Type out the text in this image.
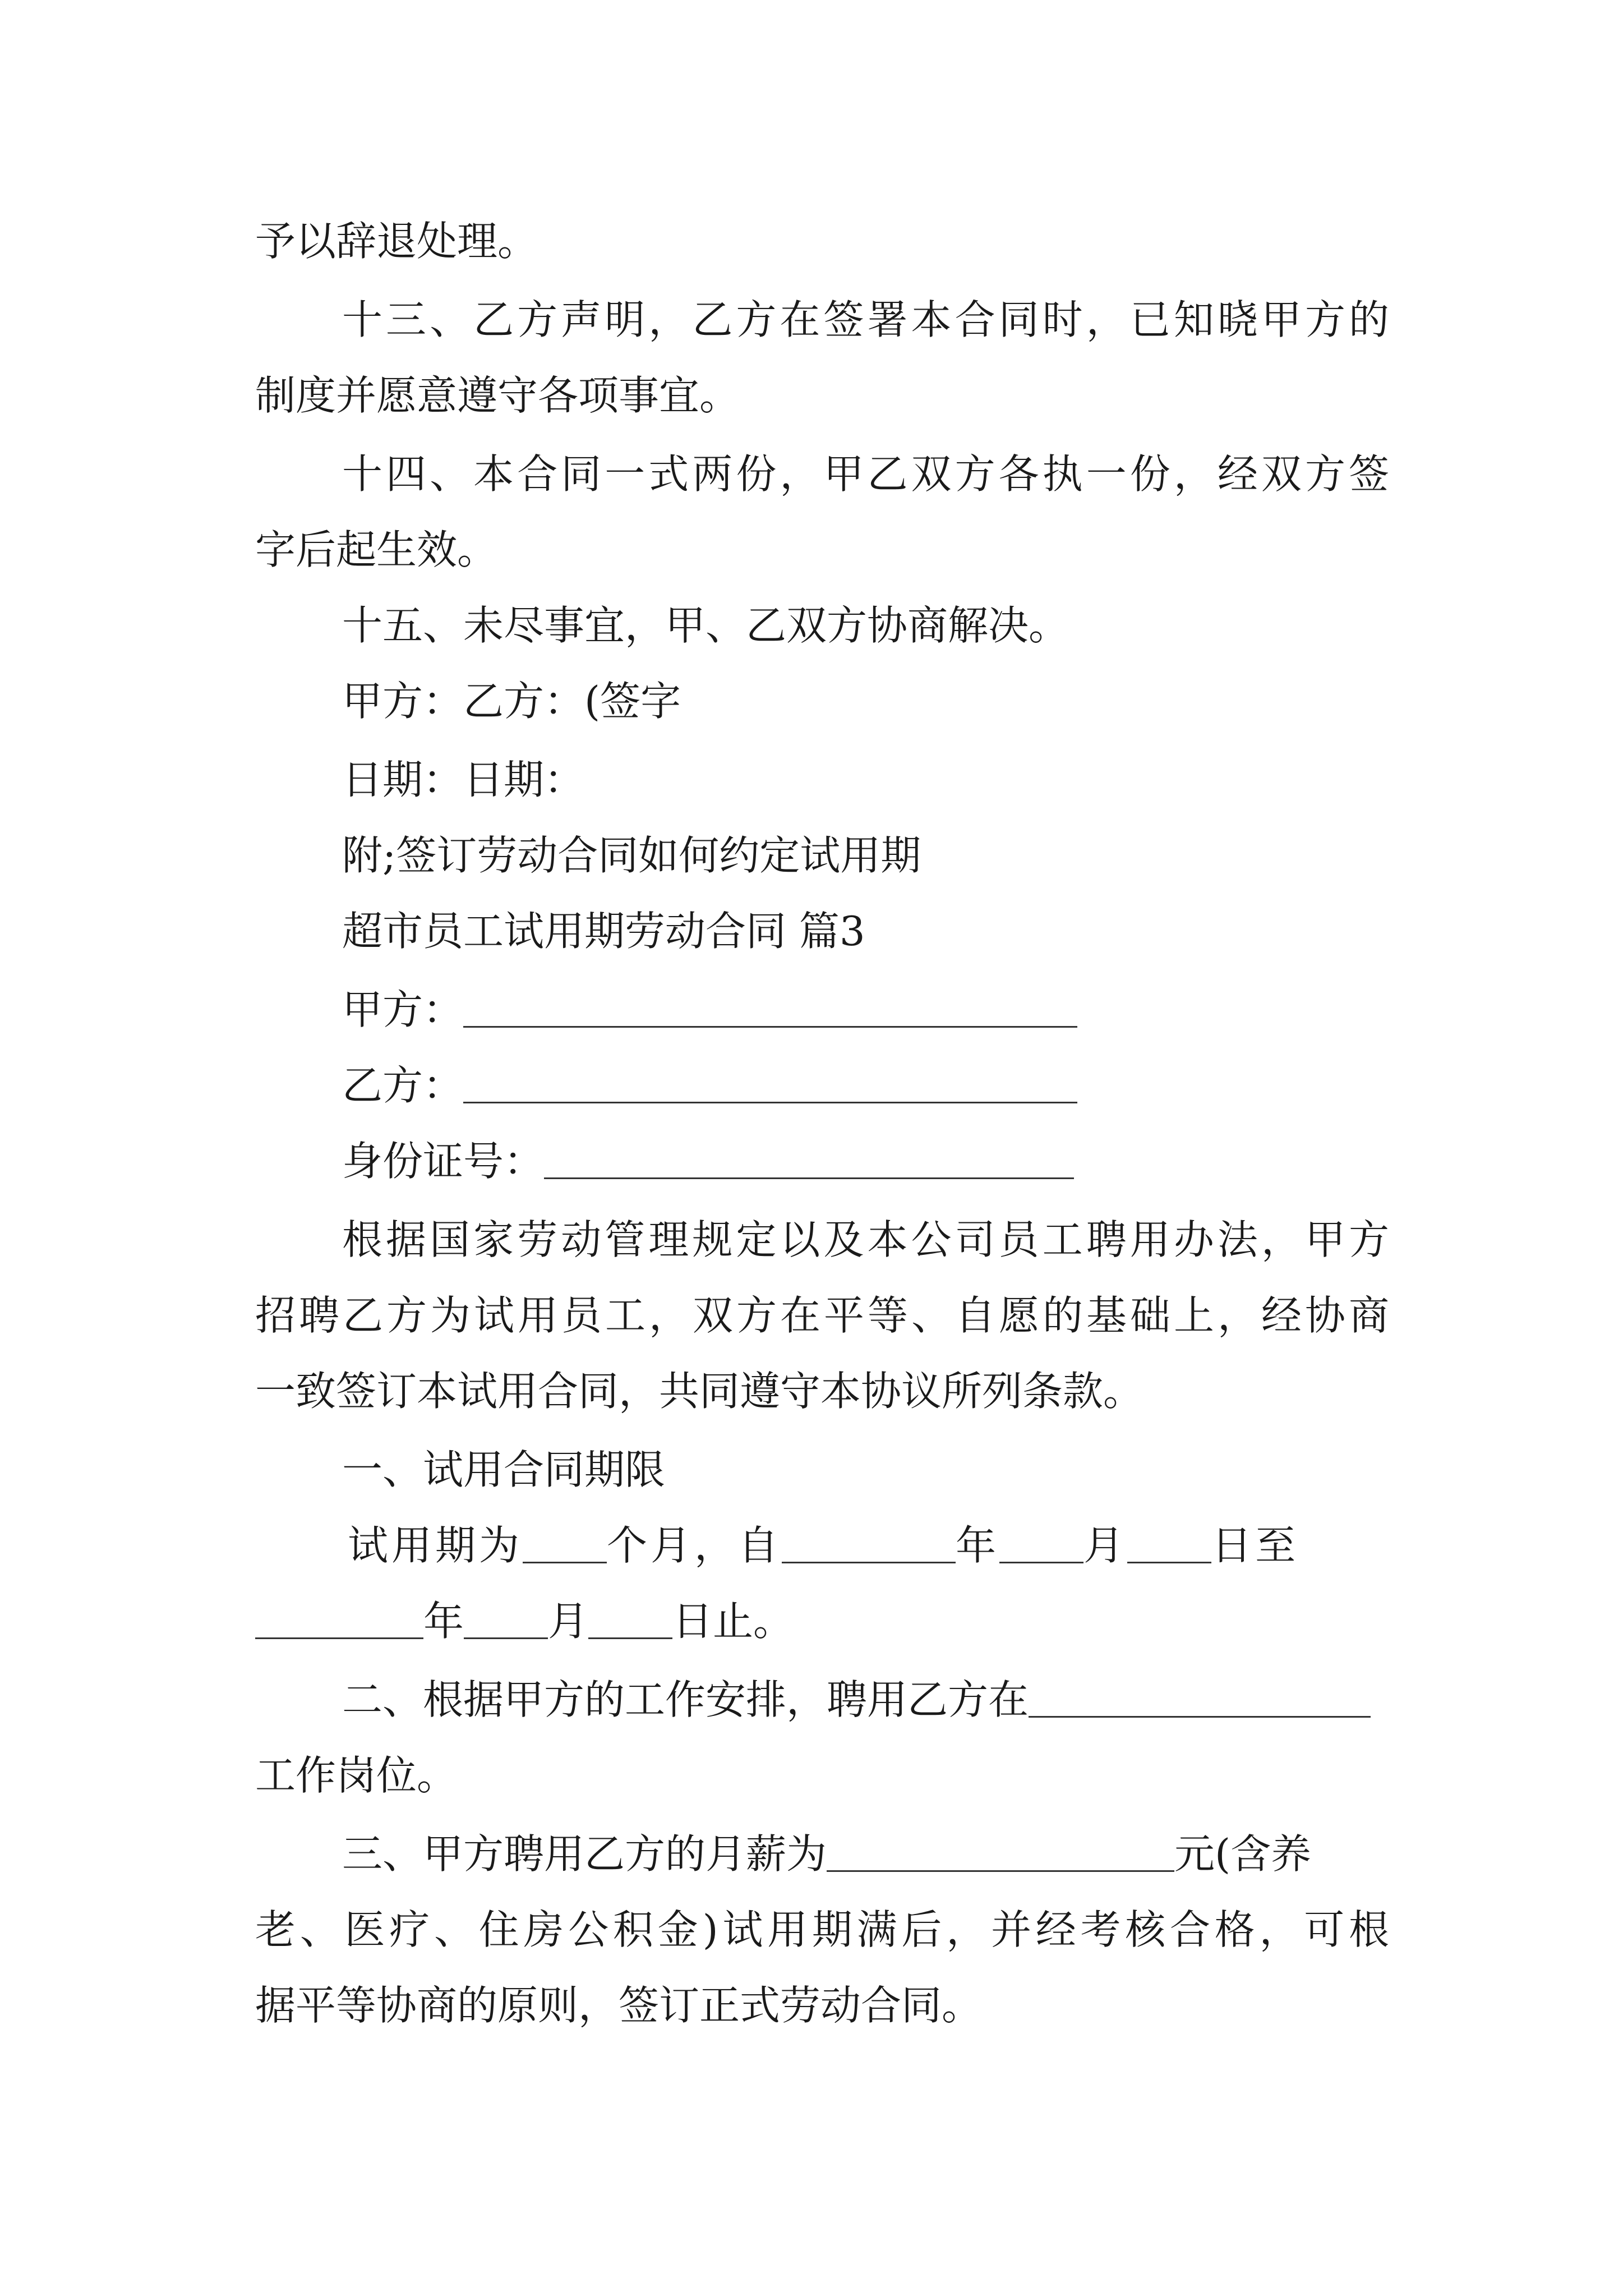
予以辞退处理。
十三、乙方声明，乙方在签署本合同时，已知晓甲方的
制度并愿意遵守各项事宜。
十四、本合同一式两份，甲乙双方各执一份，经双方签
字后起生效。
十五、未尽事宜，甲、乙双方协商解决。
甲方：乙方：(签字
日期：日期：
附;签订劳动合同如何约定试用期
超市员工试用期劳动合同 篇3
甲方：
乙方：
身份证号：
根据国家劳动管理规定以及本公司员工聘用办法，甲方
招聘乙方为试用员工，双方在平等、自愿的基础上，经协商
一致签订本试用合同，共同遵守本协议所列条款。
一、试用合同期限
试用期为 个月，自	年 月 日至
年 月 日止。
二、根据甲方的工作安排，聘用乙方在
工作岗位。
三、甲方聘用乙方的月薪为	元(含养
老、医疗、住房公积金)试用期满后，并经考核合格，可根
据平等协商的原则，签订正式劳动合同。
